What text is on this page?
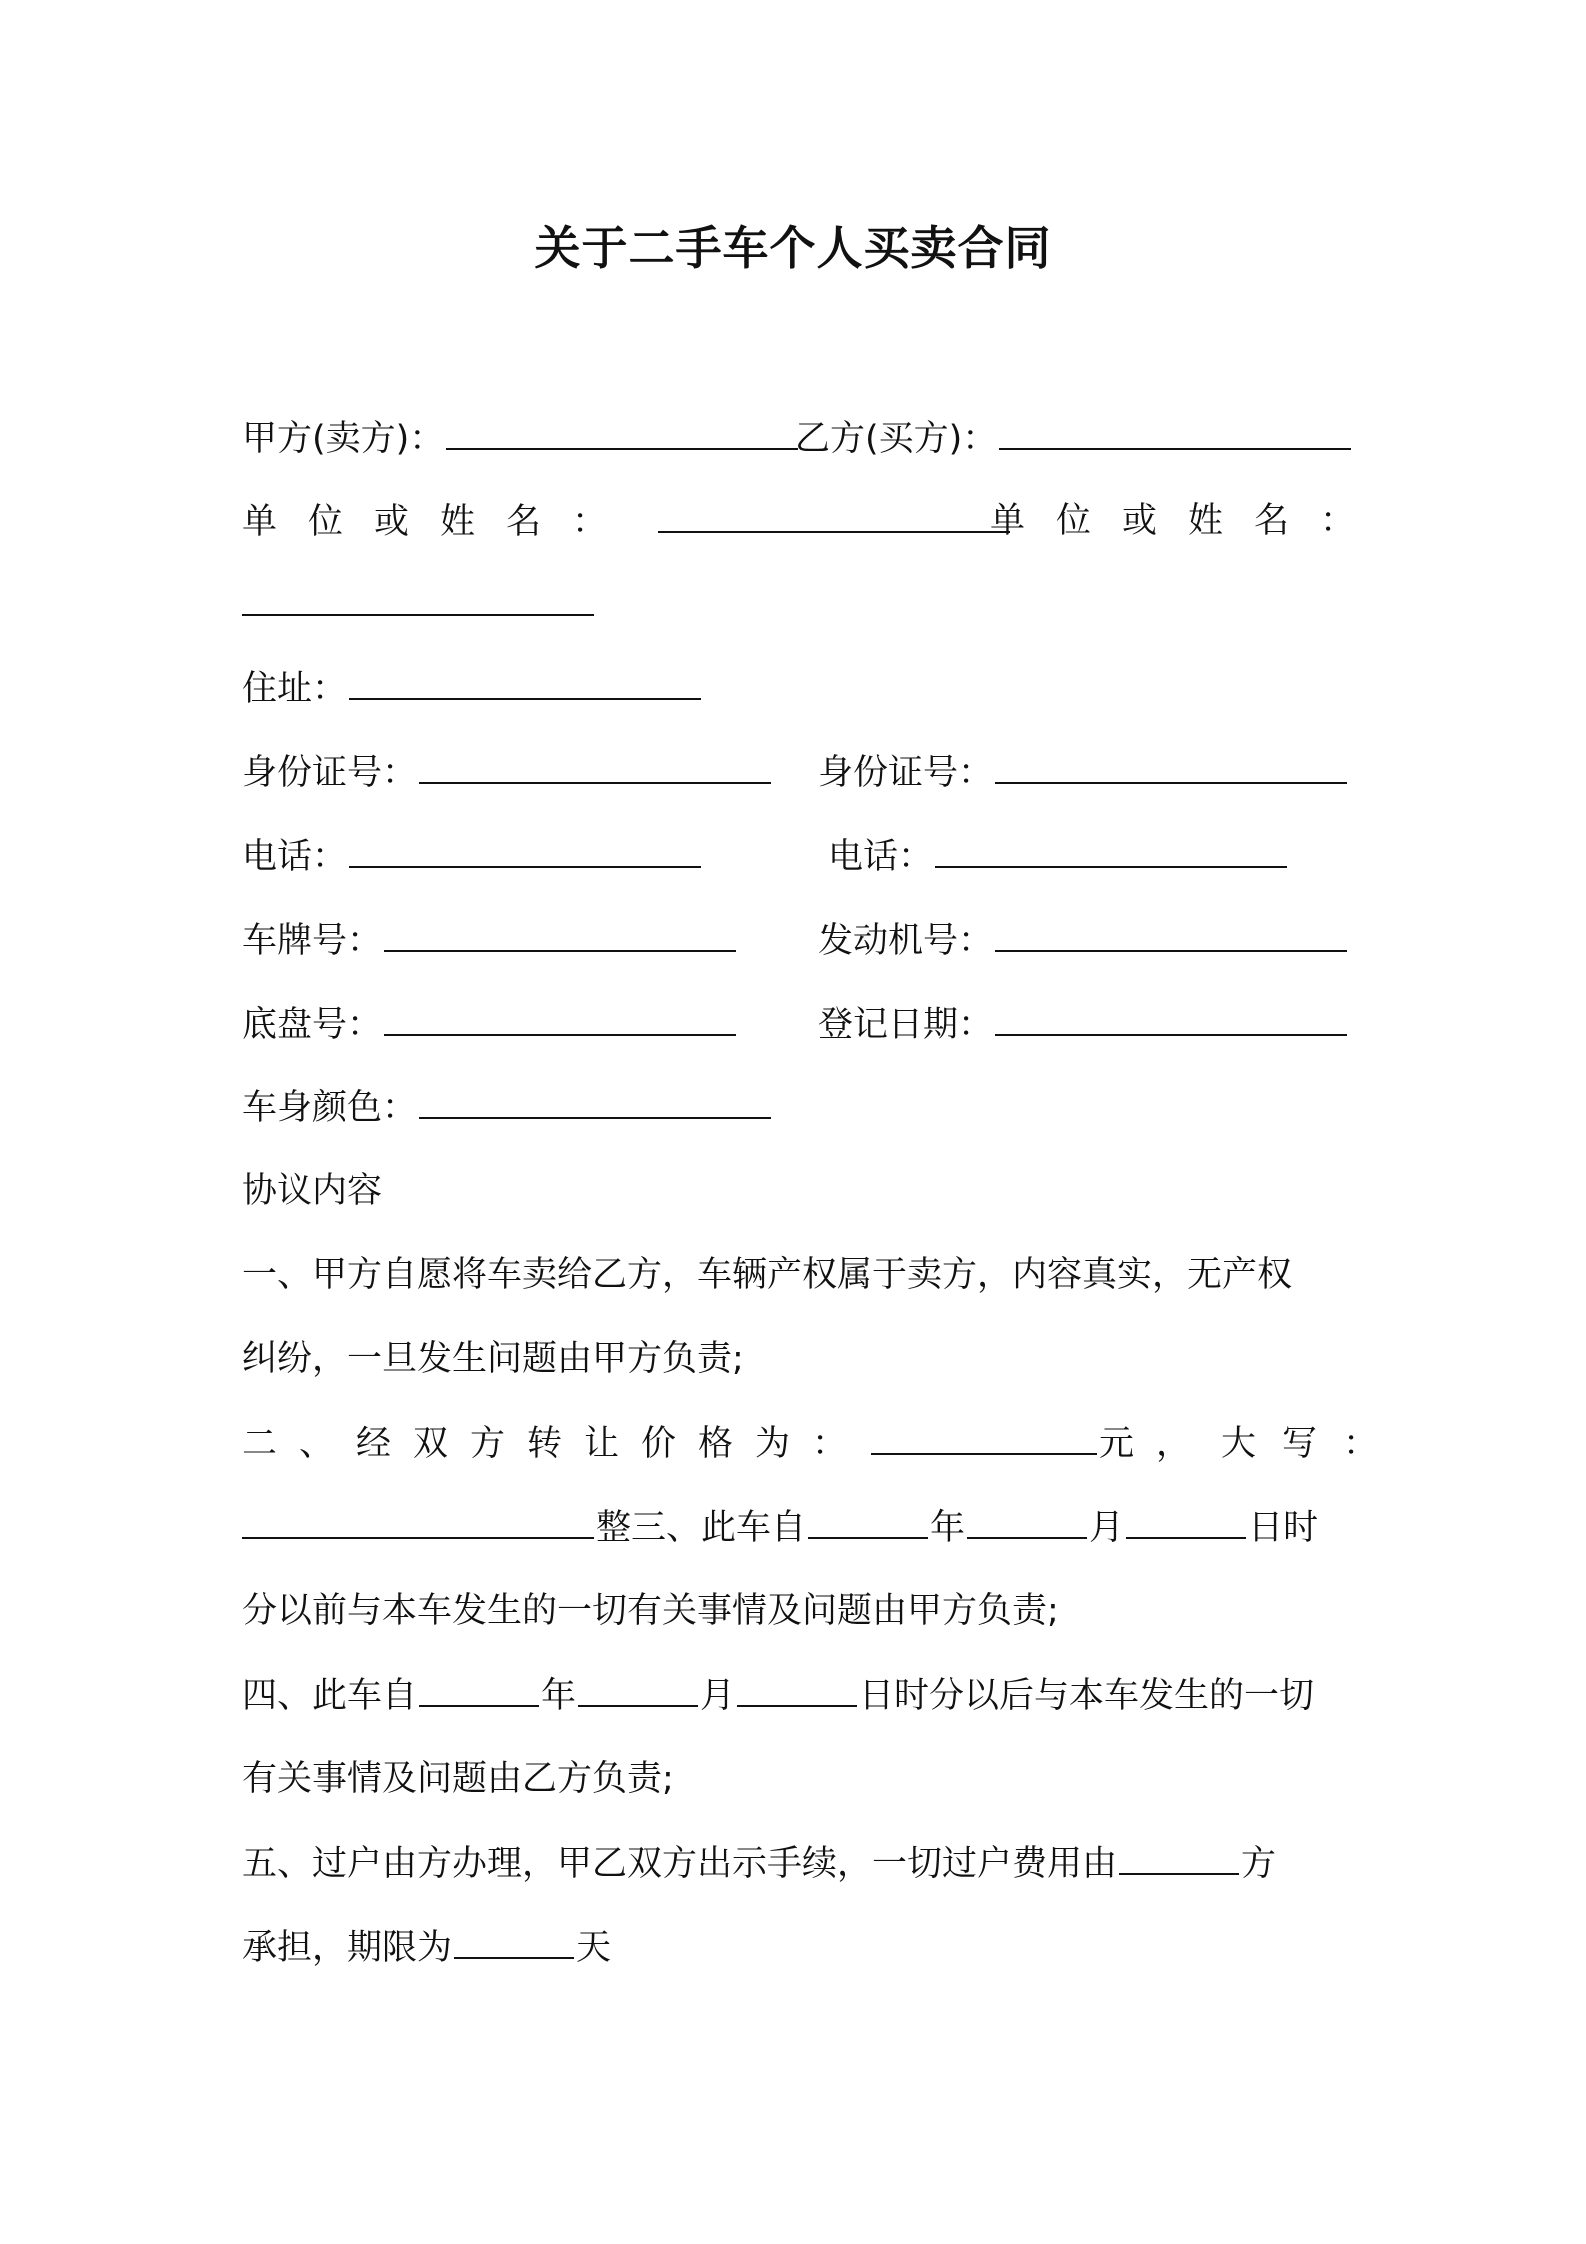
关于二手车个人买卖合同
甲方(卖方)：	乙方(买方)：
单位或姓名：	单位或姓名：
住址：
身份证号：	身份证号：
电话：	电话：
车牌号：	发动机号：
底盘号：	登记日期：
车身颜色：
协议内容
一、甲方自愿将车卖给乙方，车辆产权属于卖方，内容真实，无产权
纠纷，一旦发生问题由甲方负责;
二、经双方转让价格为：	元， 大写：
整三、此车自	年	月	日时
分以前与本车发生的一切有关事情及问题由甲方负责;
四、此车自	年	月	日时分以后与本车发生的一切
有关事情及问题由乙方负责;
五、过户由方办理，甲乙双方出示手续，一切过户费用由	方
承担，期限为	天
